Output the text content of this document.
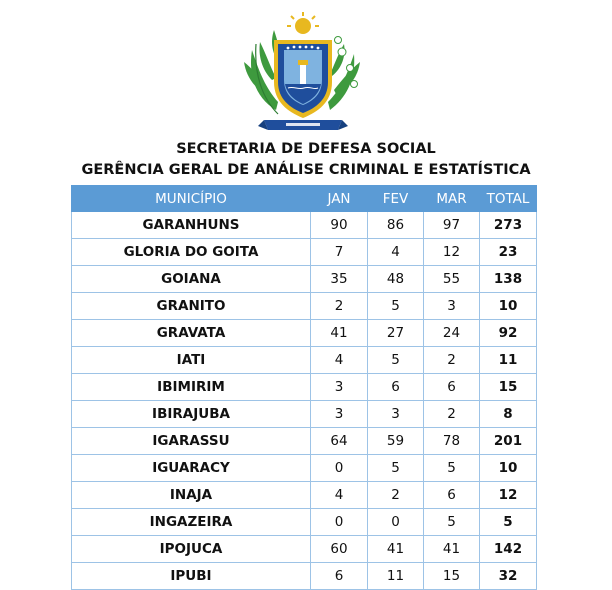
SECRETARIA DE DEFESA SOCIAL
GERÊNCIA GERAL DE ANÁLISE CRIMINAL E ESTATÍSTICA
MUNICÍPIO	JAN	FEV	MAR	TOTAL
GARANHUNS	90	86	97	273
GLORIA DO GOITA	7	4	12	23
GOIANA	35	48	55	138
GRANITO	2	5	3	10
GRAVATA	41	27	24	92
IATI	4	5	2	11
IBIMIRIM	3	6	6	15
IBIRAJUBA	3	3	2	8
IGARASSU	64	59	78	201
IGUARACY	0	5	5	10
INAJA	4	2	6	12
INGAZEIRA	0	0	5	5
IPOJUCA	60	41	41	142
IPUBI	6	11	15	32
